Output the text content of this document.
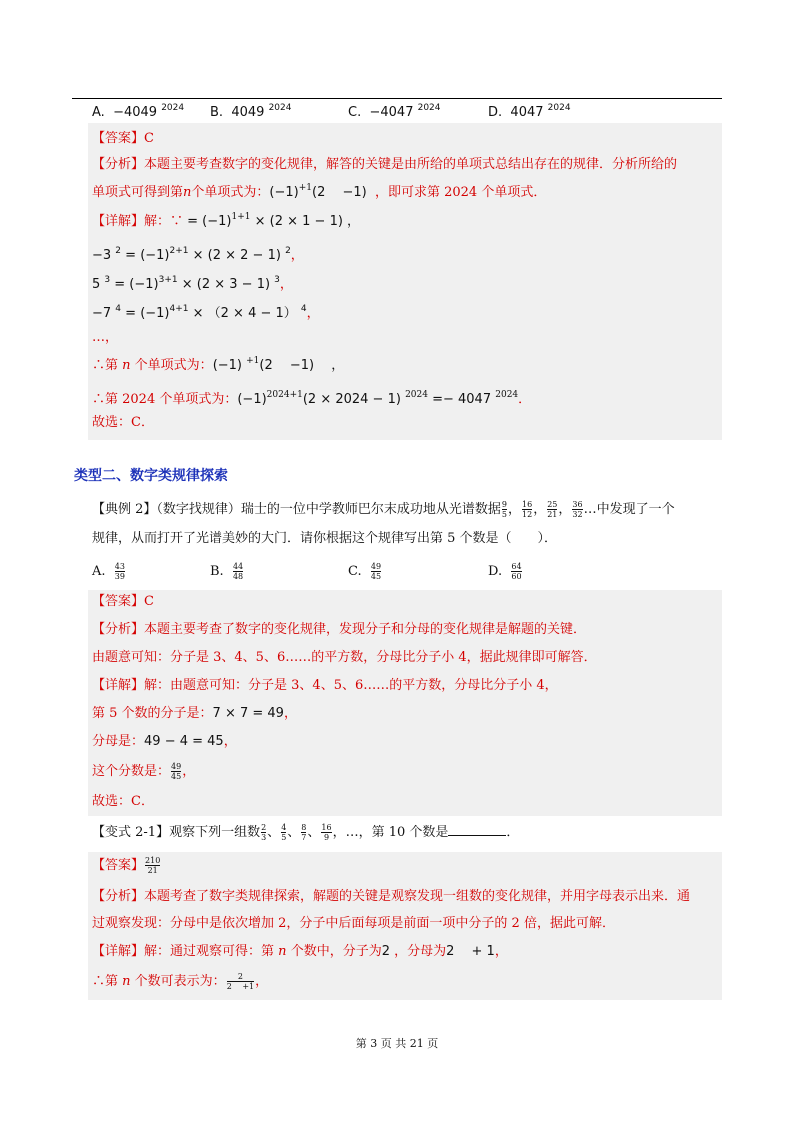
A. −4049 $^{2024}$ B. 4049 $^{2024}$	C. −4047 $^{2024}$	D. 4047 $^{2024}$
【答案】C
【分析】本题主要考查数字的变化规律，解答的关键是由所给的单项式总结出存在的规律．分析所给的
单项式可得到第n个单项式为：$(-1)^{+1}(2$ 　−1) ，即可求第 2024 个单项式．
【详解】解：∵ = $(-1)^{1+1} \times (2 \times 1 - 1)$ ，
−3 $^2 = (-1)^{2+1} \times (2 \times 2 - 1)$ $^2$，
5 $^3 = (-1)^{3+1} \times (2 \times 3 - 1)$ $^3$，
−7 $^4 = (-1)^{4+1} \times (2 \times 4 - 1)$ $^4$，
…，
∴第 n 个单项式为：(−1) $^{+1}$(2 　−1) 　，
∴第 2024 个单项式为：$(-1)^{2024+1}(2 \times 2024 - 1) ^{2024} =- 4047$ $^{2024}$．
故选：C．
类型二、数字类规律探索
【典例 2】（数字找规律）瑞士的一位中学教师巴尔末成功地从光谱数据 $\frac{9}{5}$ ， $\frac{16}{12}$ ， $\frac{25}{21}$ ， $\frac{36}{32}$ …中发现了一个
规律，从而打开了光谱美妙的大门．请你根据这个规律写出第 5 个数是（　　）．
A. $\frac{43}{39}$	B. $\frac{44}{48}$	C. $\frac{49}{45}$	D. $\frac{64}{60}$
【答案】C
【分析】本题主要考查了数字的变化规律，发现分子和分母的变化规律是解题的关键．
由题意可知：分子是 3、4、5、6……的平方数，分母比分子小 4，据此规律即可解答．
【详解】解：由题意可知：分子是 3、4、5、6……的平方数，分母比分子小 4，
第 5 个数的分子是：7 × 7 = 49，
分母是：49 − 4 = 45，
这个分数是： $\frac{49}{45}$ ，
故选：C．
【变式 2-1】观察下列一组数 $\frac{2}{3}$ 、 $\frac{4}{5}$ 、 $\frac{8}{7}$ 、 $\frac{16}{9}$ ，…，第 10 个数是	．
【答案】 $\frac{210}{21}$
【分析】本题考查了数字类规律探索，解题的关键是观察发现一组数的变化规律，并用字母表示出来．通
过观察发现：分母中是依次增加 2，分子中后面每项是前面一项中分子的 2 倍，据此可解．
【详解】解：通过观察可得：第 n 个数中，分子为2 ，分母为2 　+ 1，
∴第 n 个数可表示为： $\frac{2}{2 +1}$ ，
第 3 页 共 21 页
